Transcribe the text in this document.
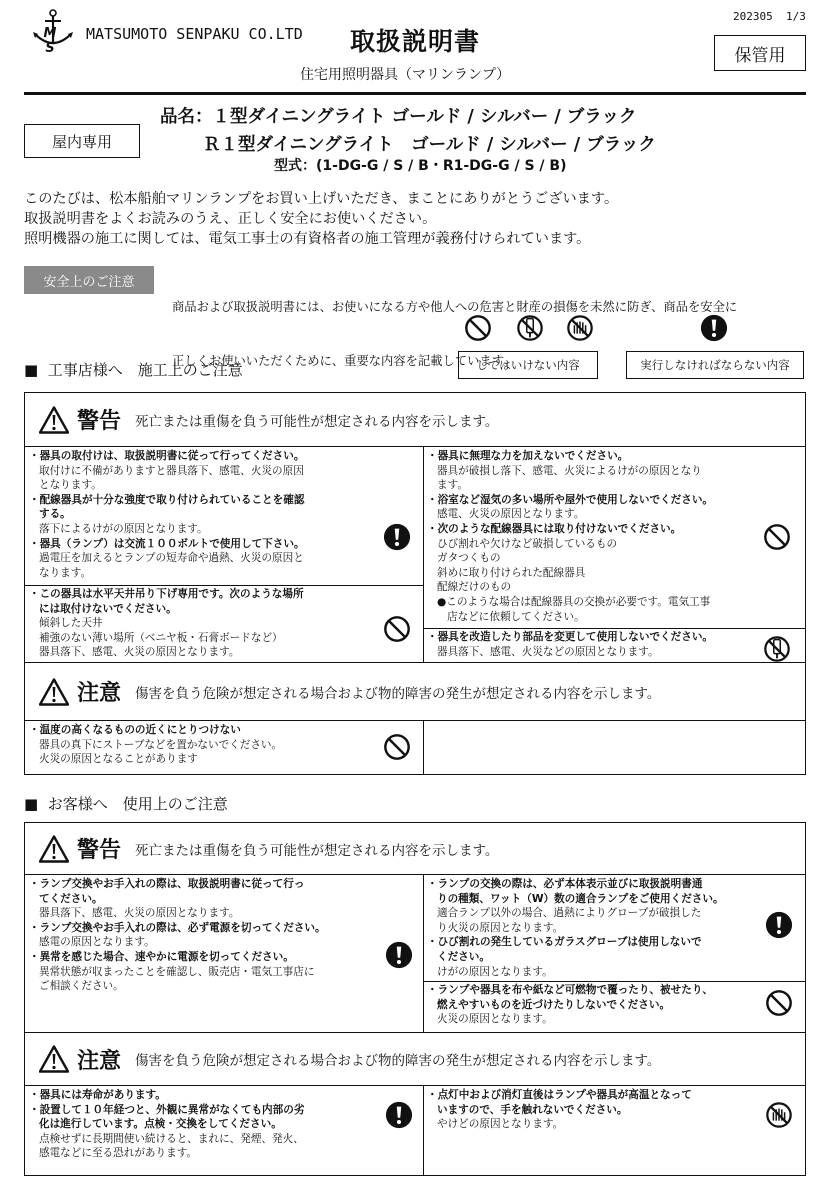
M S
MATSUMOTO SENPAKU CO.LTD 取扱説明書
202305  1/3
保管用
住宅用照明器具（マリンランプ）
屋内専用
品名：１型ダイニングライト ゴールド / シルバー / ブラック
Ｒ１型ダイニングライト　ゴールド / シルバー / ブラック
型式：(1-DG-G / S / B・R1-DG-G / S / B)
このたびは、松本船舶マリンランプをお買い上げいただき、まことにありがとうございます。
取扱説明書をよくお読みのうえ、正しく安全にお使いください。
照明機器の施工に関しては、電気工事士の有資格者の施工管理が義務付けられています。
安全上のご注意

商品および取扱説明書には、お使いになる方や他人への危害と財産の損傷を未然に防ぎ、商品を安全に

正しくお使いいただくために、重要な内容を記載しています。

してはいけない内容	実行しなければならない内容
■  工事店様へ　施工上のご注意
警告 死亡または重傷を負う可能性が想定される内容を示します。

・器具の取付けは、取扱説明書に従って行ってください。

取付けに不備がありますと器具落下、感電、火災の原因

となります。

・配線器具が十分な強度で取り付けられていることを確認

する。

落下によるけがの原因となります。

・器具（ランプ）は交流１００ボルトで使用して下さい。

過電圧を加えるとランプの短寿命や過熱、火災の原因と

なります。

・この器具は水平天井吊り下げ専用です。次のような場所

には取付けないでください。

傾斜した天井

補強のない薄い場所（ベニヤ板・石膏ボードなど）

器具落下、感電、火災の原因となります。

・器具に無理な力を加えないでください。

器具が破損し落下、感電、火災によるけがの原因となり

ます。

・浴室など湿気の多い場所や屋外で使用しないでください。

感電、火災の原因となります。

・次のような配線器具には取り付けないでください。

ひび割れや欠けなど破損しているもの

ガタつくもの

斜めに取り付けられた配線器具

配線だけのもの

●このような場合は配線器具の交換が必要です。電気工事

店などに依頼してください。

・器具を改造したり部品を変更して使用しないでください。

器具落下、感電、火災などの原因となります。

注意 傷害を負う危険が想定される場合および物的障害の発生が想定される内容を示します。

・温度の高くなるものの近くにとりつけない

器具の真下にストーブなどを置かないでください。

火災の原因となることがあります

■  お客様へ　使用上のご注意
警告 死亡または重傷を負う可能性が想定される内容を示します。

・ランプ交換やお手入れの際は、取扱説明書に従って行っ

てください。

器具落下、感電、火災の原因となります。

・ランプ交換やお手入れの際は、必ず電源を切ってください。

感電の原因となります。

・異常を感じた場合、速やかに電源を切ってください。

異常状態が収まったことを確認し、販売店・電気工事店に

ご相談ください。

・ランプの交換の際は、必ず本体表示並びに取扱説明書通

りの種類、ワット（W）数の適合ランプをご使用ください。

適合ランプ以外の場合、過熱によりグローブが破損した

り火災の原因となります。

・ひび割れの発生しているガラスグローブは使用しないで

ください。

けがの原因となります。

・ランプや器具を布や紙など可燃物で覆ったり、被せたり、

燃えやすいものを近づけたりしないでください。

火災の原因となります。

注意 傷害を負う危険が想定される場合および物的障害の発生が想定される内容を示します。

・器具には寿命があります。

・設置して１０年経つと、外観に異常がなくても内部の劣

化は進行しています。点検・交換をしてください。

点検せずに長期間使い続けると、まれに、発煙、発火、

感電などに至る恐れがあります。

・点灯中および消灯直後はランプや器具が高温となって

いますので、手を触れないでください。

やけどの原因となります。
